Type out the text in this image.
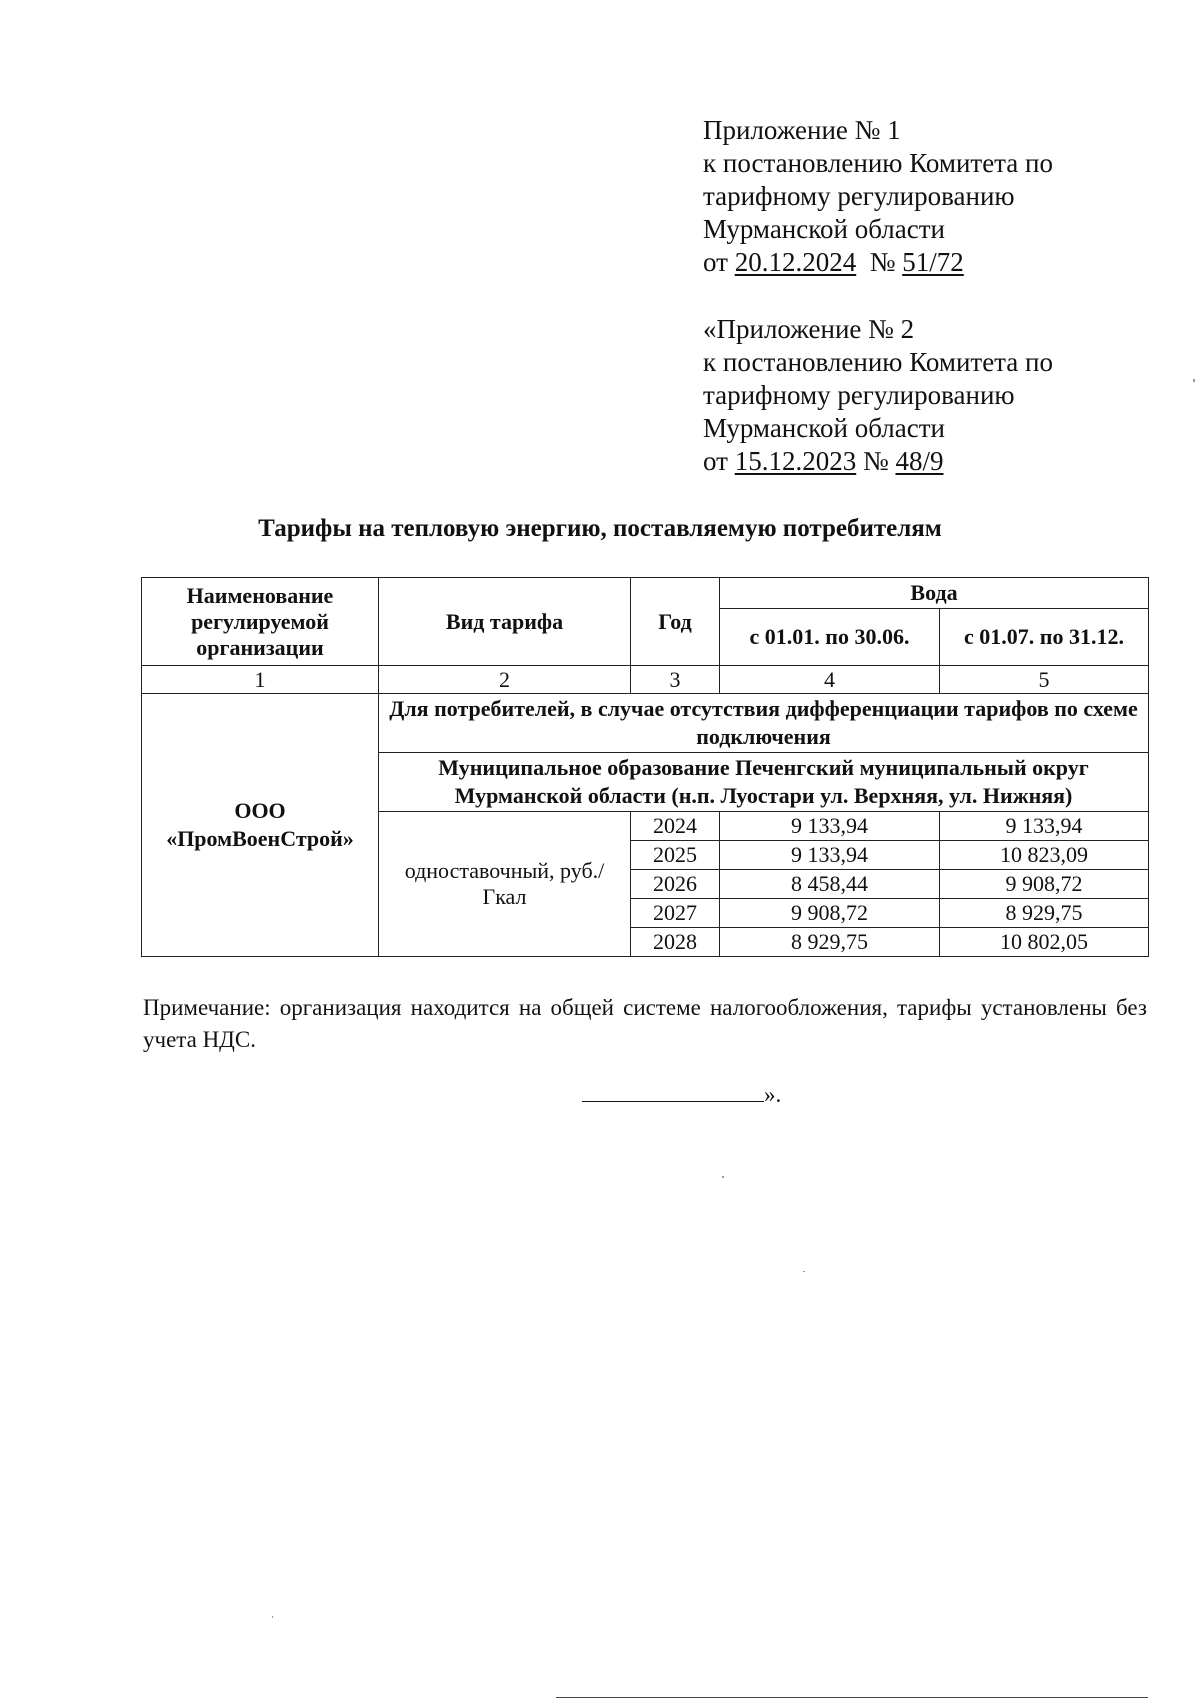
Приложение № 1
к постановлению Комитета по
тарифному регулированию
Мурманской области
от 20.12.2024 № 51/72
«Приложение № 2
к постановлению Комитета по
тарифному регулированию
Мурманской области
от 15.12.2023 № 48/9
Тарифы на тепловую энергию, поставляемую потребителям
Наименование регулируемой организации	Вид тарифа	Год	Вода	
			с 01.01. по 30.06.	с 01.07. по 31.12.
1	2	3	4	5
ООО «ПромВоенСтрой»	Для потребителей, в случае отсутствия дифференциации тарифов по схеме подключения			
	Муниципальное образование Печенгский муниципальный округ Мурманской области (н.п. Луостари ул. Верхняя, ул. Нижняя)			
	одноставочный, руб./Гкал	2024	9 133,94	9 133,94
		2025	9 133,94	10 823,09
		2026	8 458,44	9 908,72
		2027	9 908,72	8 929,75
		2028	8 929,75	10 802,05
Примечание: организация находится на общей системе налогообложения, тарифы установлены без учета НДС.
».
